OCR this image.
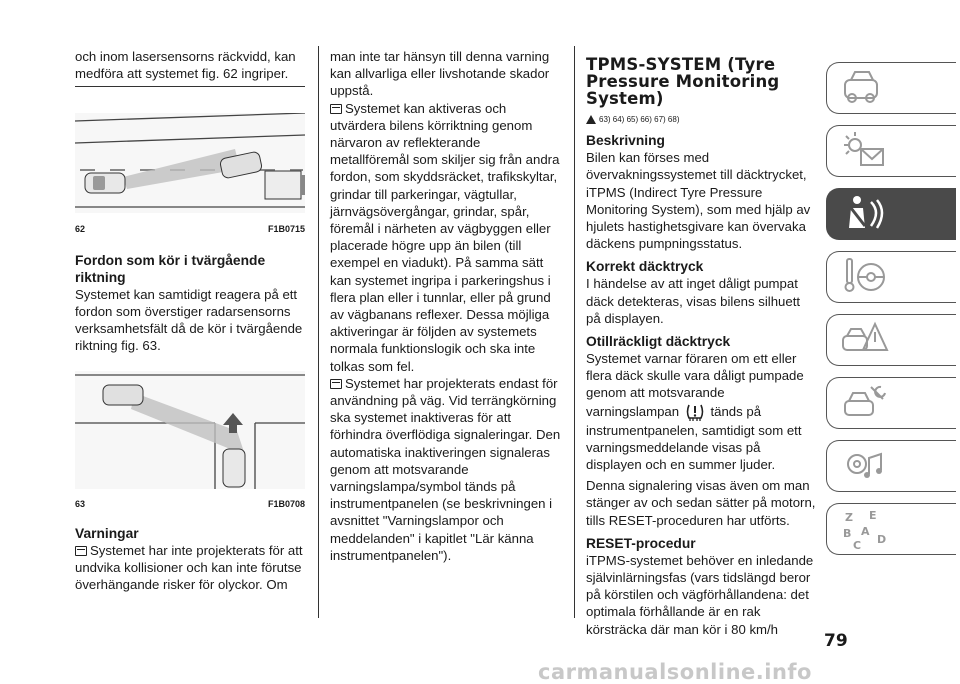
och inom lasersensorns räckvidd, kan medföra att systemet fig. 62 ingriper.

62	F1B0715
Fordon som kör i tvärgående riktning

Systemet kan samtidigt reagera på ett fordon som överstiger radarsensorns verksamhetsfält då de kör i tvärgående riktning fig. 63.

63	F1B0708
Varningar

Systemet har inte projekterats för att undvika kollisioner och kan inte förutse överhängande risker för olyckor. Om

man inte tar hänsyn till denna varning kan allvarliga eller livshotande skador uppstå.

Systemet kan aktiveras och utvärdera bilens körriktning genom närvaron av reflekterande metallföremål som skiljer sig från andra fordon, som skyddsräcket, trafikskyltar, grindar till parkeringar, vägtullar, järnvägsövergångar, grindar, spår, föremål i närheten av vägbyggen eller placerade högre upp än bilen (till exempel en viadukt). På samma sätt kan systemet ingripa i parkeringshus i flera plan eller i tunnlar, eller på grund av vägbanans reflexer. Dessa möjliga aktiveringar är följden av systemets normala funktionslogik och ska inte tolkas som fel.

Systemet har projekterats endast för användning på väg. Vid terrängkörning ska systemet inaktiveras för att förhindra överflödiga signaleringar. Den automatiska inaktiveringen signaleras genom att motsvarande varningslampa/symbol tänds på instrumentpanelen (se beskrivningen i avsnittet "Varningslampor och meddelanden" i kapitlet "Lär känna instrumentpanelen").

TPMS-SYSTEM (Tyre
Pressure Monitoring
System)
63) 64) 65) 66) 67) 68)
Beskrivning

Bilen kan förses med övervakningssystemet till däcktrycket, iTPMS (Indirect Tyre Pressure Monitoring System), som med hjälp av hjulets hastighetsgivare kan övervaka däckens pumpningsstatus.

Korrekt däcktryck

I händelse av att inget dåligt pumpat däck detekteras, visas bilens silhuett på displayen.

Otillräckligt däcktryck

Systemet varnar föraren om ett eller flera däck skulle vara dåligt pumpade genom att motsvarande varningslampan tänds på instrumentpanelen, samtidigt som ett varningsmeddelande visas på displayen och en summer ljuder.

Denna signalering visas även om man stänger av och sedan sätter på motorn, tills RESET-proceduren har utförts.

RESET-procedur

iTPMS-systemet behöver en inledande självinlärningsfas (vars tidslängd beror på körstilen och vägförhållandena: det optimala förhållande är en rak körsträcka där man kör i 80 km/h

Z E
B A
C D
79
carmanualsonline.info
